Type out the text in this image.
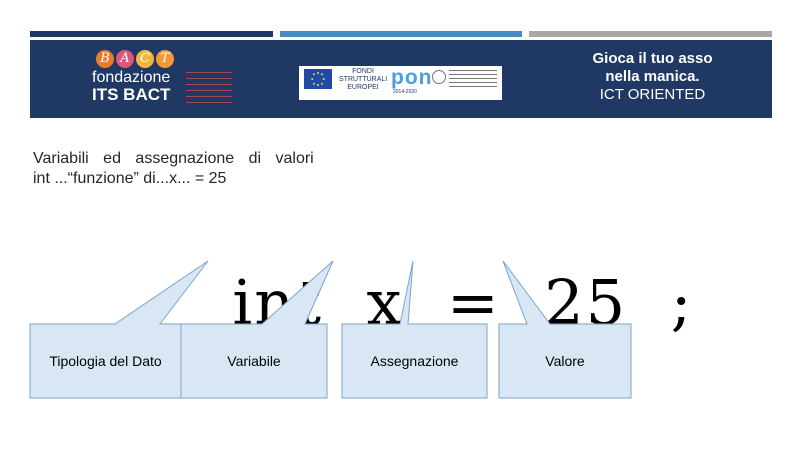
B A C T
fondazione
ITS BACT
FONDI
STRUTTURALI
EUROPEI pon
2014-2020
Gioca il tuo asso
nella manica.
ICT ORIENTED
Variabili ed assegnazione di valori
int ...“funzione” di...x... = 25

int  x  =  25  ;

Tipologia del Dato	Variabile	Assegnazione	Valore
